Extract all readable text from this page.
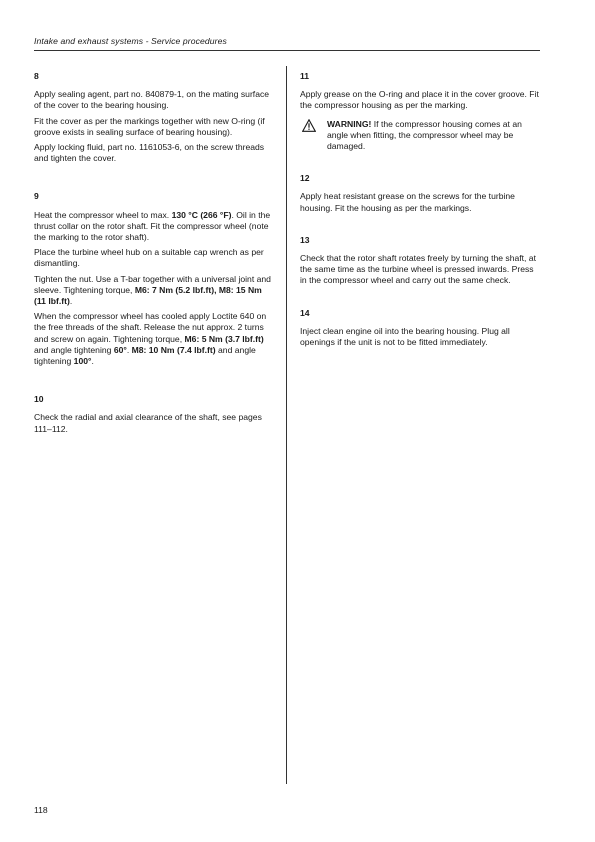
Intake and exhaust systems - Service procedures

8

Apply sealing agent, part no. 840879-1, on the mating surface of the cover to the bearing housing.

Fit the cover as per the markings together with new O-ring (if groove exists in sealing surface of bearing housing).

Apply locking fluid, part no. 1161053-6, on the screw threads and tighten the cover.

9

Heat the compressor wheel to max. 130 °C (266 °F). Oil in the thrust collar on the rotor shaft. Fit the compressor wheel (note the marking to the rotor shaft).

Place the turbine wheel hub on a suitable cap wrench as per dismantling.

Tighten the nut. Use a T-bar together with a universal joint and sleeve. Tightening torque, M6: 7 Nm (5.2 lbf.ft), M8: 15 Nm (11 lbf.ft).

When the compressor wheel has cooled apply Loctite 640 on the free threads of the shaft. Release the nut approx. 2 turns and screw on again. Tightening torque, M6: 5 Nm (3.7 lbf.ft) and angle tightening 60°. M8: 10 Nm (7.4 lbf.ft) and angle tightening 100°.

10

Check the radial and axial clearance of the shaft, see pages 111–112.

11

Apply grease on the O-ring and place it in the cover groove. Fit the compressor housing as per the marking.

WARNING! If the compressor housing comes at an angle when fitting, the compressor wheel may be damaged.

12

Apply heat resistant grease on the screws for the turbine housing. Fit the housing as per the markings.

13

Check that the rotor shaft rotates freely by turning the shaft, at the same time as the turbine wheel is pressed inwards. Press in the compressor wheel and carry out the same check.

14

Inject clean engine oil into the bearing housing. Plug all openings if the unit is not to be fitted immediately.

118
